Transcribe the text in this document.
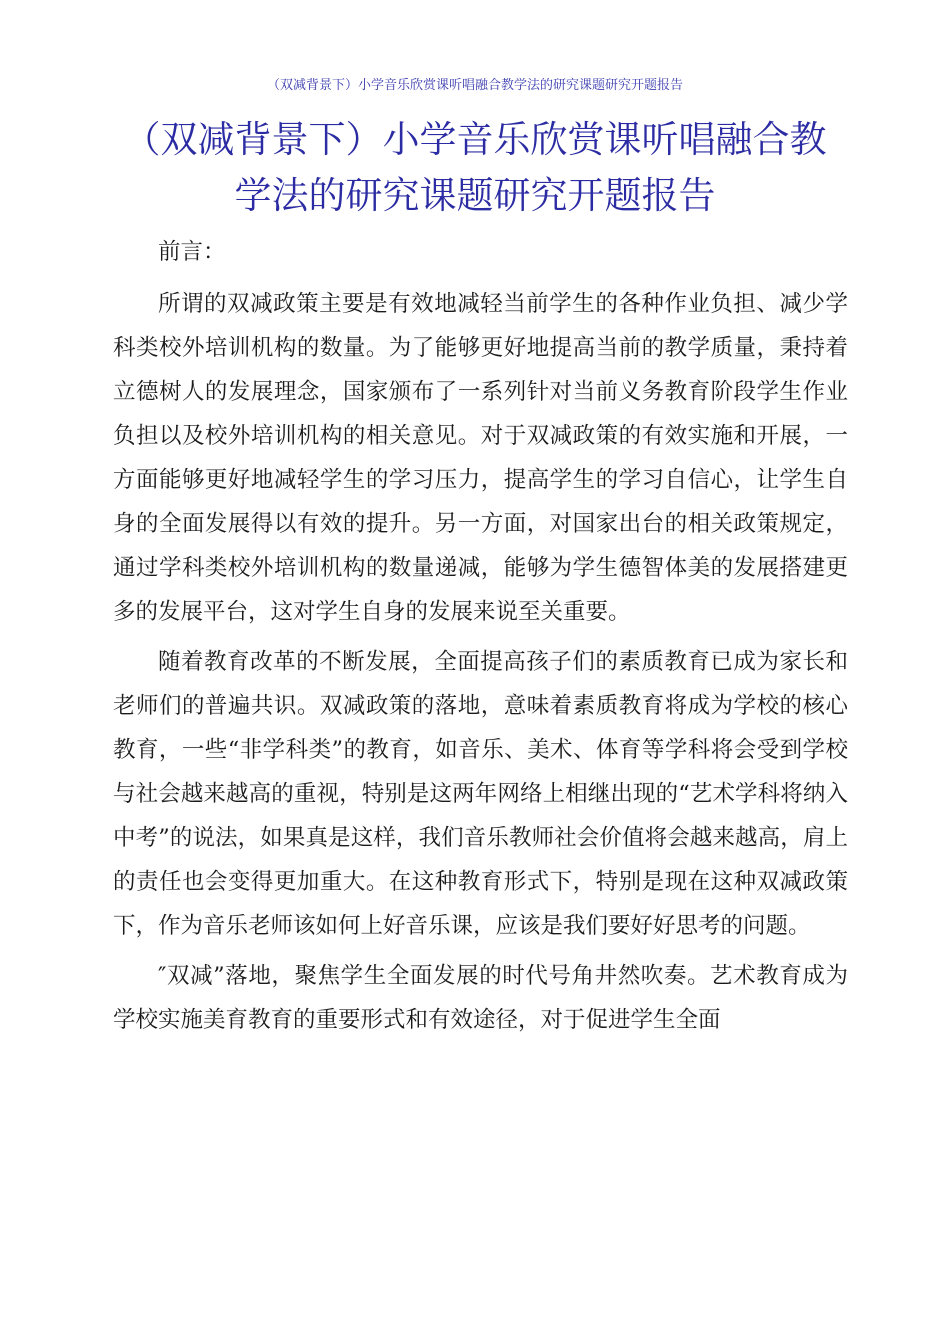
（双减背景下）小学音乐欣赏课听唱融合教学法的研究课题研究开题报告
（双减背景下）小学音乐欣赏课听唱融合教学法的研究课题研究开题报告

前言：

所谓的双减政策主要是有效地减轻当前学生的各种作业负担、减少学科类校外培训机构的数量。为了能够更好地提高当前的教学质量，秉持着立德树人的发展理念，国家颁布了一系列针对当前义务教育阶段学生作业负担以及校外培训机构的相关意见。对于双减政策的有效实施和开展，一方面能够更好地减轻学生的学习压力，提高学生的学习自信心，让学生自身的全面发展得以有效的提升。另一方面，对国家出台的相关政策规定，通过学科类校外培训机构的数量递减，能够为学生德智体美的发展搭建更多的发展平台，这对学生自身的发展来说至关重要。

随着教育改革的不断发展，全面提高孩子们的素质教育已成为家长和老师们的普遍共识。双减政策的落地，意味着素质教育将成为学校的核心教育，一些“非学科类”的教育，如音乐、美术、体育等学科将会受到学校与社会越来越高的重视，特别是这两年网络上相继出现的“艺术学科将纳入中考”的说法，如果真是这样，我们音乐教师社会价值将会越来越高，肩上的责任也会变得更加重大。在这种教育形式下，特别是现在这种双减政策下，作为音乐老师该如何上好音乐课，应该是我们要好好思考的问题。

″双减”落地，聚焦学生全面发展的时代号角井然吹奏。艺术教育成为学校实施美育教育的重要形式和有效途径，对于促进学生全面
